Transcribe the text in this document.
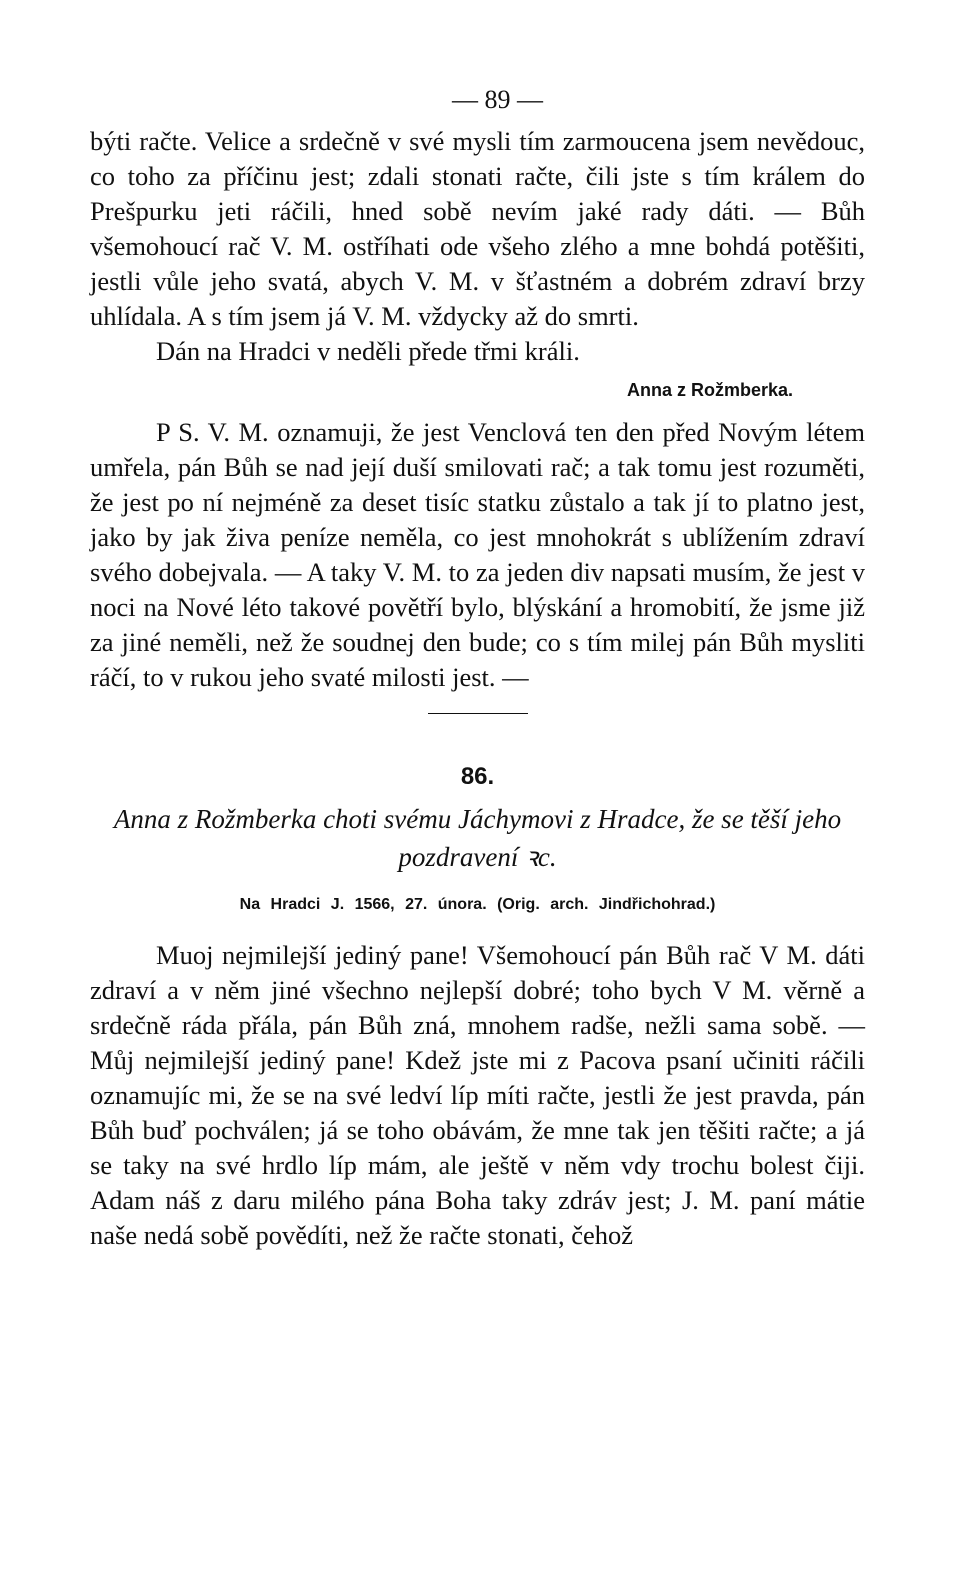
— 89 —

býti račte. Velice a srdečně v své mysli tím zarmoucena jsem nevědouc, co toho za příčinu jest; zdali stonati račte, čili jste s tím králem do Prešpurku jeti ráčili, hned sobě nevím jaké rady dáti. — Bůh všemohoucí rač V. M. ostříhati ode všeho zlého a mne bohdá potěšiti, jestli vůle jeho svatá, abych V. M. v šťastném a dobrém zdraví brzy uhlídala. A s tím jsem já V. M. vždycky až do smrti.

Dán na Hradci v neděli přede třmi králi.

Anna z Rožmberka.

P S. V. M. oznamuji, že jest Venclová ten den před Novým létem umřela, pán Bůh se nad její duší smilovati rač; a tak tomu jest rozuměti, že jest po ní nejméně za deset tisíc statku zůstalo a tak jí to platno jest, jako by jak živa peníze neměla, co jest mnohokrát s ublížením zdraví svého dobejvala. — A taky V. M. to za jeden div napsati musím, že jest v noci na Nové léto takové povětří bylo, blýskání a hromobití, že jsme již za jiné neměli, než že soudnej den bude; co s tím milej pán Bůh mysliti ráčí, to v rukou jeho svaté milosti jest. —

86.

Anna z Rožmberka choti svému Jáchymovi z Hradce, že se těší jeho pozdravení ꝛc.

Na Hradci J. 1566, 27. února. (Orig. arch. Jindřichohrad.)

Muoj nejmilejší jediný pane! Všemohoucí pán Bůh rač V M. dáti zdraví a v něm jiné všechno nejlepší dobré; toho bych V M. věrně a srdečně ráda přála, pán Bůh zná, mnohem radše, nežli sama sobě. — Můj nejmilejší jediný pane! Kdež jste mi z Pacova psaní učiniti ráčili oznamujíc mi, že se na své ledví líp míti račte, jestli že jest pravda, pán Bůh buď pochválen; já se toho obávám, že mne tak jen těšiti račte; a já se taky na své hrdlo líp mám, ale ještě v něm vdy trochu bolest čiji. Adam náš z daru milého pána Boha taky zdráv jest; J. M. paní mátie naše nedá sobě povědíti, než že račte stonati, čehož
